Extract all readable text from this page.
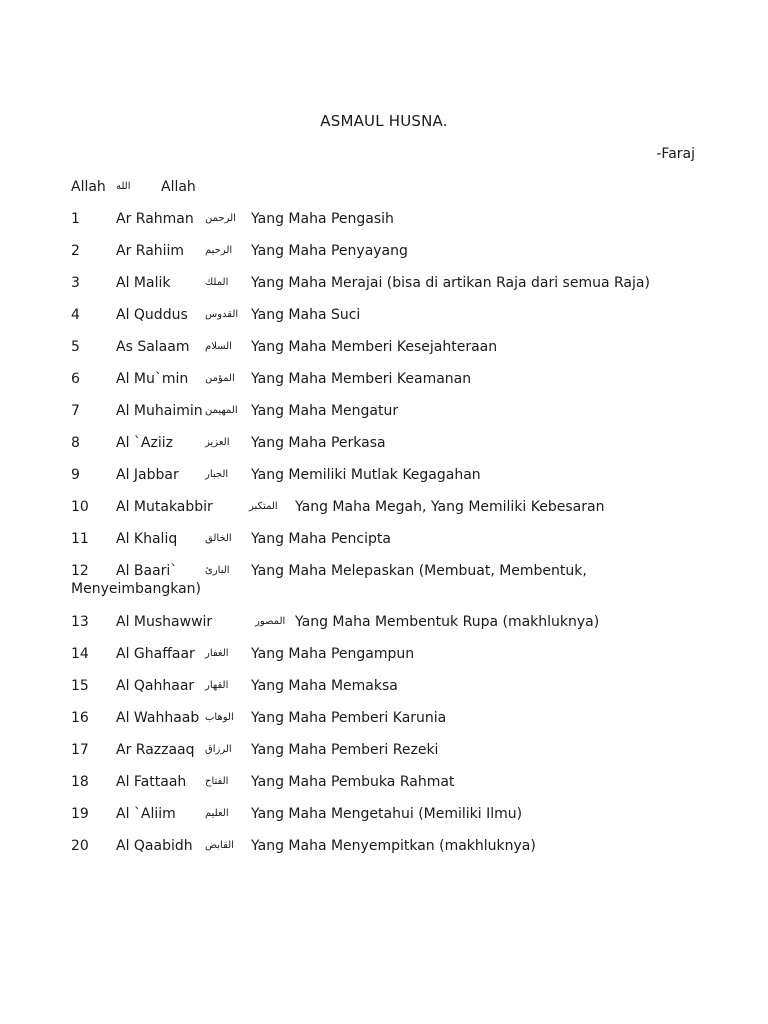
ASMAUL HUSNA.
-Faraj
Allah الله Allah
1	Ar Rahman الرحمن Yang Maha Pengasih
2	Ar Rahiim الرحيم Yang Maha Penyayang
3	Al Malik	الملك Yang Maha Merajai (bisa di artikan Raja dari semua Raja)
4	Al Quddus القدوس Yang Maha Suci
5	As Salaam السلام Yang Maha Memberi Kesejahteraan
6	Al Mu`min المؤمن Yang Maha Memberi Keamanan
7	Al Muhaimin المهيمن Yang Maha Mengatur
8	Al `Aziiz	العزيز Yang Maha Perkasa
9	Al Jabbar	الجبار Yang Memiliki Mutlak Kegagahan
10 Al Mutakabbir	المتكبر Yang Maha Megah, Yang Memiliki Kebesaran
11 Al Khaliq	الخالق Yang Maha Pencipta
12 Al Baari`	البارئ Yang Maha Melepaskan (Membuat, Membentuk,
Menyeimbangkan)
13 Al Mushawwir	المصور Yang Maha Membentuk Rupa (makhluknya)
14 Al Ghaffaar الغفار Yang Maha Pengampun
15 Al Qahhaar القهار Yang Maha Memaksa
16 Al Wahhaab الوهاب Yang Maha Pemberi Karunia
17 Ar Razzaaq الرزاق Yang Maha Pemberi Rezeki
18 Al Fattaah الفتاح Yang Maha Pembuka Rahmat
19 Al `Aliim	العليم Yang Maha Mengetahui (Memiliki Ilmu)
20 Al Qaabidh القابض Yang Maha Menyempitkan (makhluknya)
